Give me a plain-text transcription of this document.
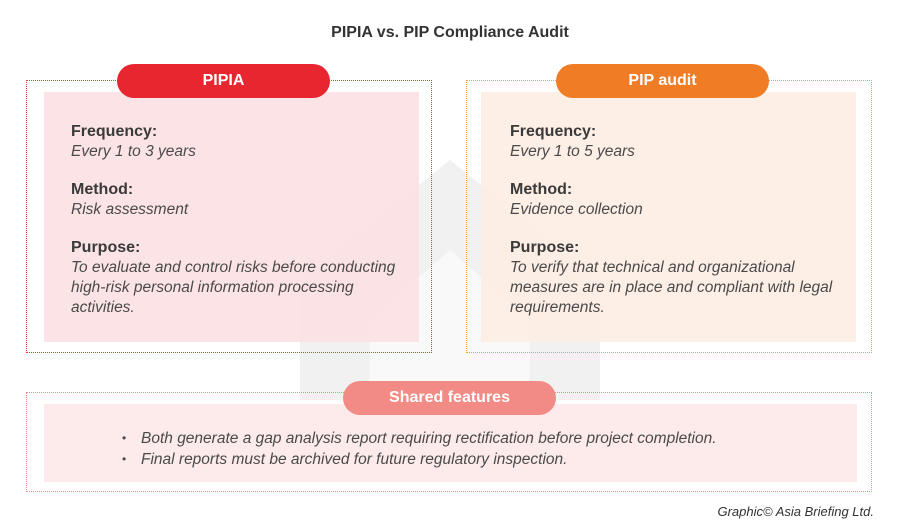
PIPIA vs. PIP Compliance Audit
PIPIA
Frequency:
Every 1 to 3 years
Method:
Risk assessment
Purpose:
To evaluate and control risks before conducting high-risk personal information processing activities.
PIP audit
Frequency:
Every 1 to 5 years
Method:
Evidence collection
Purpose:
To verify that technical and organizational measures are in place and compliant with legal requirements.
Shared features
• Both generate a gap analysis report requiring rectification before project completion.
• Final reports must be archived for future regulatory inspection.
Graphic© Asia Briefing Ltd.
